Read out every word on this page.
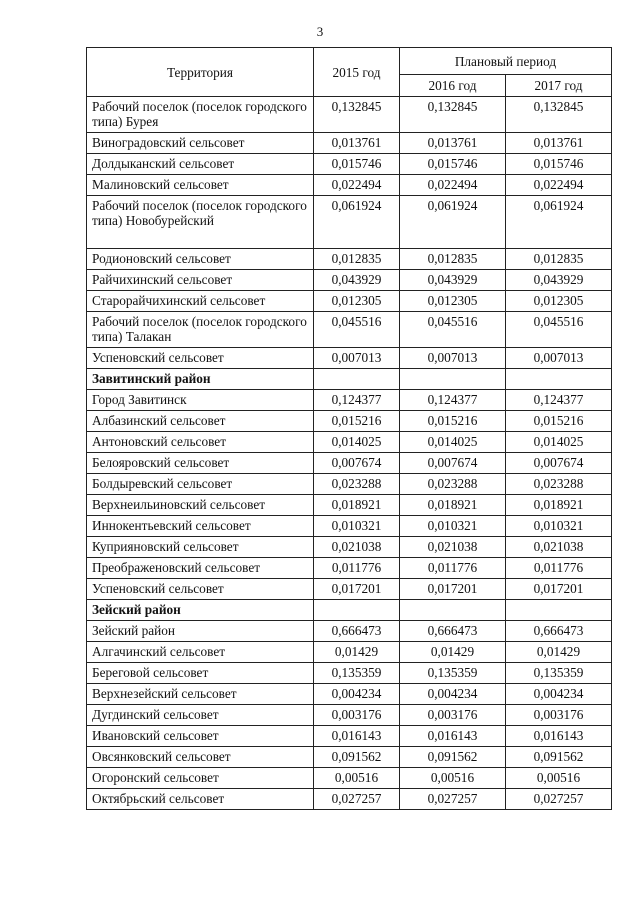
3
Территория	2015 год	Плановый период	
		2016 год	2017 год
Рабочий поселок (поселок городского типа) Бурея	0,132845	0,132845	0,132845
Виноградовский сельсовет	0,013761	0,013761	0,013761
Долдыканский сельсовет	0,015746	0,015746	0,015746
Малиновский сельсовет	0,022494	0,022494	0,022494
Рабочий поселок (поселок городского типа) Новобурейский	0,061924	0,061924	0,061924
Родионовский сельсовет	0,012835	0,012835	0,012835
Райчихинский сельсовет	0,043929	0,043929	0,043929
Старорайчихинский сельсовет	0,012305	0,012305	0,012305
Рабочий поселок (поселок городского типа) Талакан	0,045516	0,045516	0,045516
Успеновский сельсовет	0,007013	0,007013	0,007013
Завитинский район			
Город Завитинск	0,124377	0,124377	0,124377
Албазинский сельсовет	0,015216	0,015216	0,015216
Антоновский сельсовет	0,014025	0,014025	0,014025
Белояровский сельсовет	0,007674	0,007674	0,007674
Болдыревский сельсовет	0,023288	0,023288	0,023288
Верхнеильиновский сельсовет	0,018921	0,018921	0,018921
Иннокентьевский сельсовет	0,010321	0,010321	0,010321
Куприяновский сельсовет	0,021038	0,021038	0,021038
Преображеновский сельсовет	0,011776	0,011776	0,011776
Успеновский сельсовет	0,017201	0,017201	0,017201
Зейский район			
Зейский район	0,666473	0,666473	0,666473
Алгачинский сельсовет	0,01429	0,01429	0,01429
Береговой сельсовет	0,135359	0,135359	0,135359
Верхнезейский сельсовет	0,004234	0,004234	0,004234
Дугдинский сельсовет	0,003176	0,003176	0,003176
Ивановский сельсовет	0,016143	0,016143	0,016143
Овсянковский сельсовет	0,091562	0,091562	0,091562
Огоронский сельсовет	0,00516	0,00516	0,00516
Октябрьский сельсовет	0,027257	0,027257	0,027257
